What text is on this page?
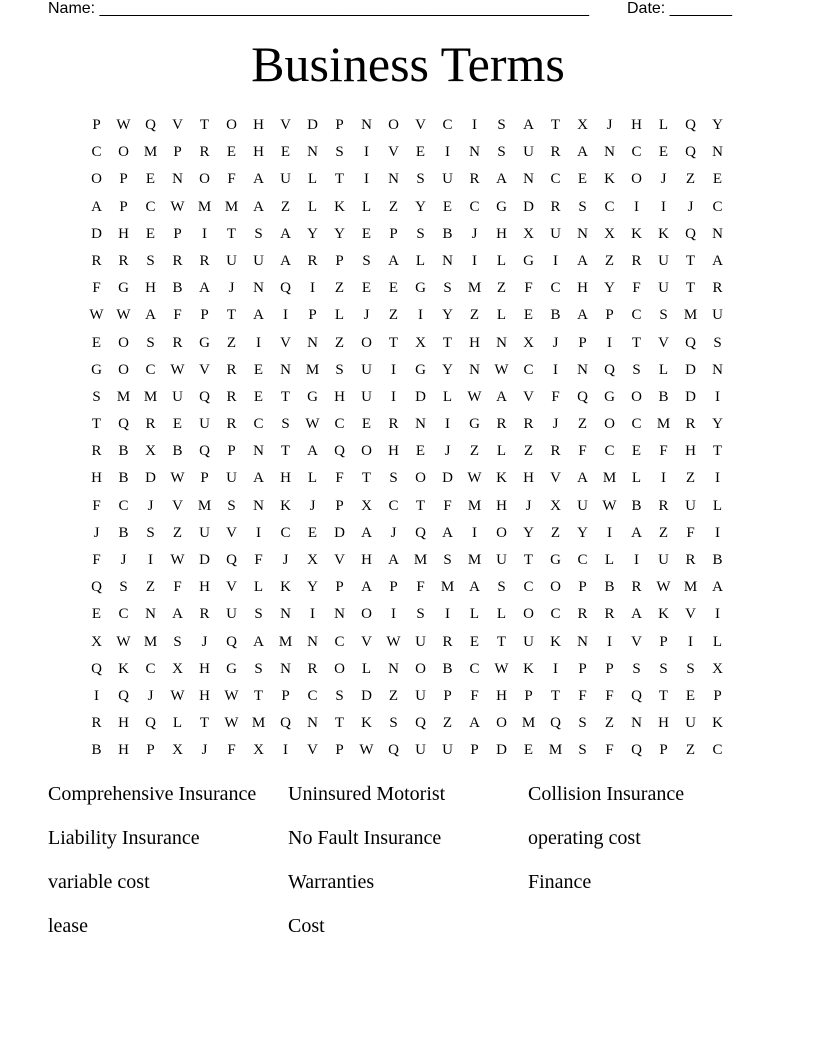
Name: _______________________________________________________ Date: _______
Business Terms
P	W Q	V	T	O	H	V	D	P	N	O	V	C	I	S	A	T	X	J	H	L	Q	Y
C	O M	P	R	E	H	E	N	S	I	V	E	I	N	S	U	R	A	N	C	E	Q	N
O	P	E	N	O	F	A	U	L	T	I	N	S	U	R	A	N	C	E	K	O	J	Z	E
A	P	C W M M A	Z	L	K	L	Z	Y	E	C	G	D	R	S	C	I	I	J	C
D	H	E	P	I	T	S	A	Y	Y	E	P	S	B	J	H	X	U	N	X	K	K	Q	N
R	R	S	R	R	U	U	A	R	P	S	A	L	N	I	L	G	I	A	Z	R	U	T	A
F	G	H	B	A	J	N	Q	I	Z	E	E	G	S	M	Z	F	C	H	Y	F	U	T	R
W W A	F	P	T	A	I	P	L	J	Z	I	Y	Z	L	E	B	A	P	C	S	M U
E	O	S	R	G	Z	I	V	N	Z	O	T	X	T	H	N	X	J	P	I	T	V	Q	S
G	O	C W V	R	E	N M	S	U	I	G	Y	N W C	I	N	Q	S	L	D	N
S	M M U	Q	R	E	T	G	H	U	I	D	L	W A	V	F	Q	G	O	B	D	I
T	Q	R	E	U	R	C	S	W C	E	R	N	I	G	R	R	J	Z	O	C	M	R	Y
R	B	X	B	Q	P	N	T	A	Q	O	H	E	J	Z	L	Z	R	F	C	E	F	H	T
H	B	D W	P	U	A	H	L	F	T	S	O	D W K	H	V	A M	L	I	Z	I
F	C	J	V M	S	N	K	J	P	X	C	T	F	M H	J	X	U W B	R	U	L
J	B	S	Z	U	V	I	C	E	D	A	J	Q	A	I	O	Y	Z	Y	I	A	Z	F	I
F	J	I	W D	Q	F	J	X	V	H	A M	S	M U	T	G	C	L	I	U	R	B
Q	S	Z	F	H	V	L	K	Y	P	A	P	F	M A	S	C	O	P	B	R W M A
E	C	N	A	R	U	S	N	I	N	O	I	S	I	L	L	O	C	R	R	A	K	V	I
X W M	S	J	Q	A M N	C	V W U	R	E	T	U	K	N	I	V	P	I	L
Q	K	C	X	H	G	S	N	R	O	L	N	O	B	C W K	I	P	P	S	S	S	X
I	Q	J	W H W	T	P	C	S	D	Z	U	P	F	H	P	T	F	F	Q	T	E	P
R	H	Q	L	T	W M Q	N	T	K	S	Q	Z	A	O M Q	S	Z	N	H	U	K
B	H	P	X	J	F	X	I	V	P	W Q	U	U	P	D	E	M	S	F	Q	P	Z	C
Comprehensive Insurance	Uninsured Motorist	Collision Insurance
Liability Insurance	No Fault Insurance	operating cost
variable cost	Warranties	Finance
lease	Cost
